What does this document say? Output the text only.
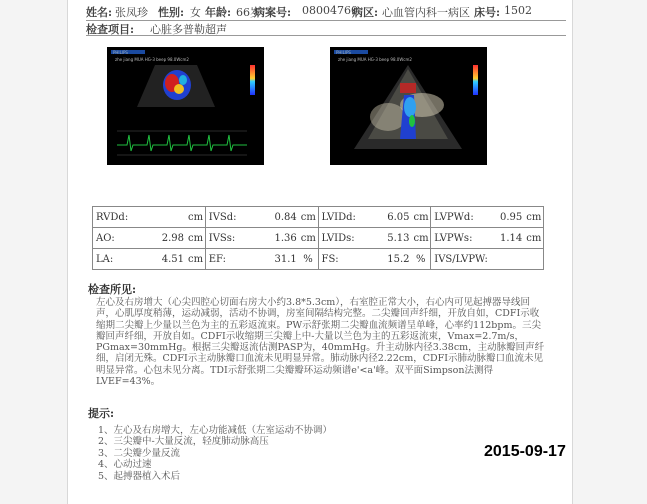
姓名: 张凤珍 性别: 女 年龄: 66岁
病案号: 08004760
病区: 心血管内科一病区 床号: 1502
检查项目: 心脏多普勒超声
zhe jiang MUA HG-3 beep 98.0Wcm2
PHILIPS
zhe jiang MUA HG-3 beep 98.0Wcm2
PHILIPS
RVDd: cm	IVSd: 0.84 cm	LVIDd: 6.05 cm	LVPWd: 0.95 cm
AO: 2.98 cm	IVSs: 1.36 cm	LVIDs: 5.13 cm	LVPWs: 1.14 cm
LA: 4.51 cm	EF: 31.1 %	FS: 15.2 %	IVS/LVPW:
检查所见:
左心及右房增大（心尖四腔心切面右房大小约3.8*5.3cm），右室腔正常大小，右心内可见起搏器导线回声，心肌厚度稍薄，运动减弱，活动不协调，房室间隔结构完整。二尖瓣回声纤细，开放自如，CDFI示收缩期二尖瓣上少量以兰色为主的五彩返流束。PW示舒张期二尖瓣血流频谱呈单峰，心率约112bpm。三尖瓣回声纤细，开放自如。CDFI示收缩期三尖瓣上中-大量以兰色为主的五彩返流束，Vmax=2.7m/s，PGmax=30mmHg。根据三尖瓣返流估测PASP为，40mmHg。升主动脉内径3.38cm，主动脉瓣回声纤细，启闭无殊。CDFI示主动脉瓣口血流未见明显异常。肺动脉内径2.22cm，CDFI示肺动脉瓣口血流未见明显异常。心包未见分离。TDI示舒张期二尖瓣瓣环运动频谱e'<a'峰。双平面Simpson法测得LVEF=43%。
提示:
1、左心及右房增大，左心功能减低（左室运动不协调）
2、三尖瓣中-大量反流，轻度肺动脉高压
3、二尖瓣少量反流
4、心动过速
5、起搏器植入术后
2015-09-17
